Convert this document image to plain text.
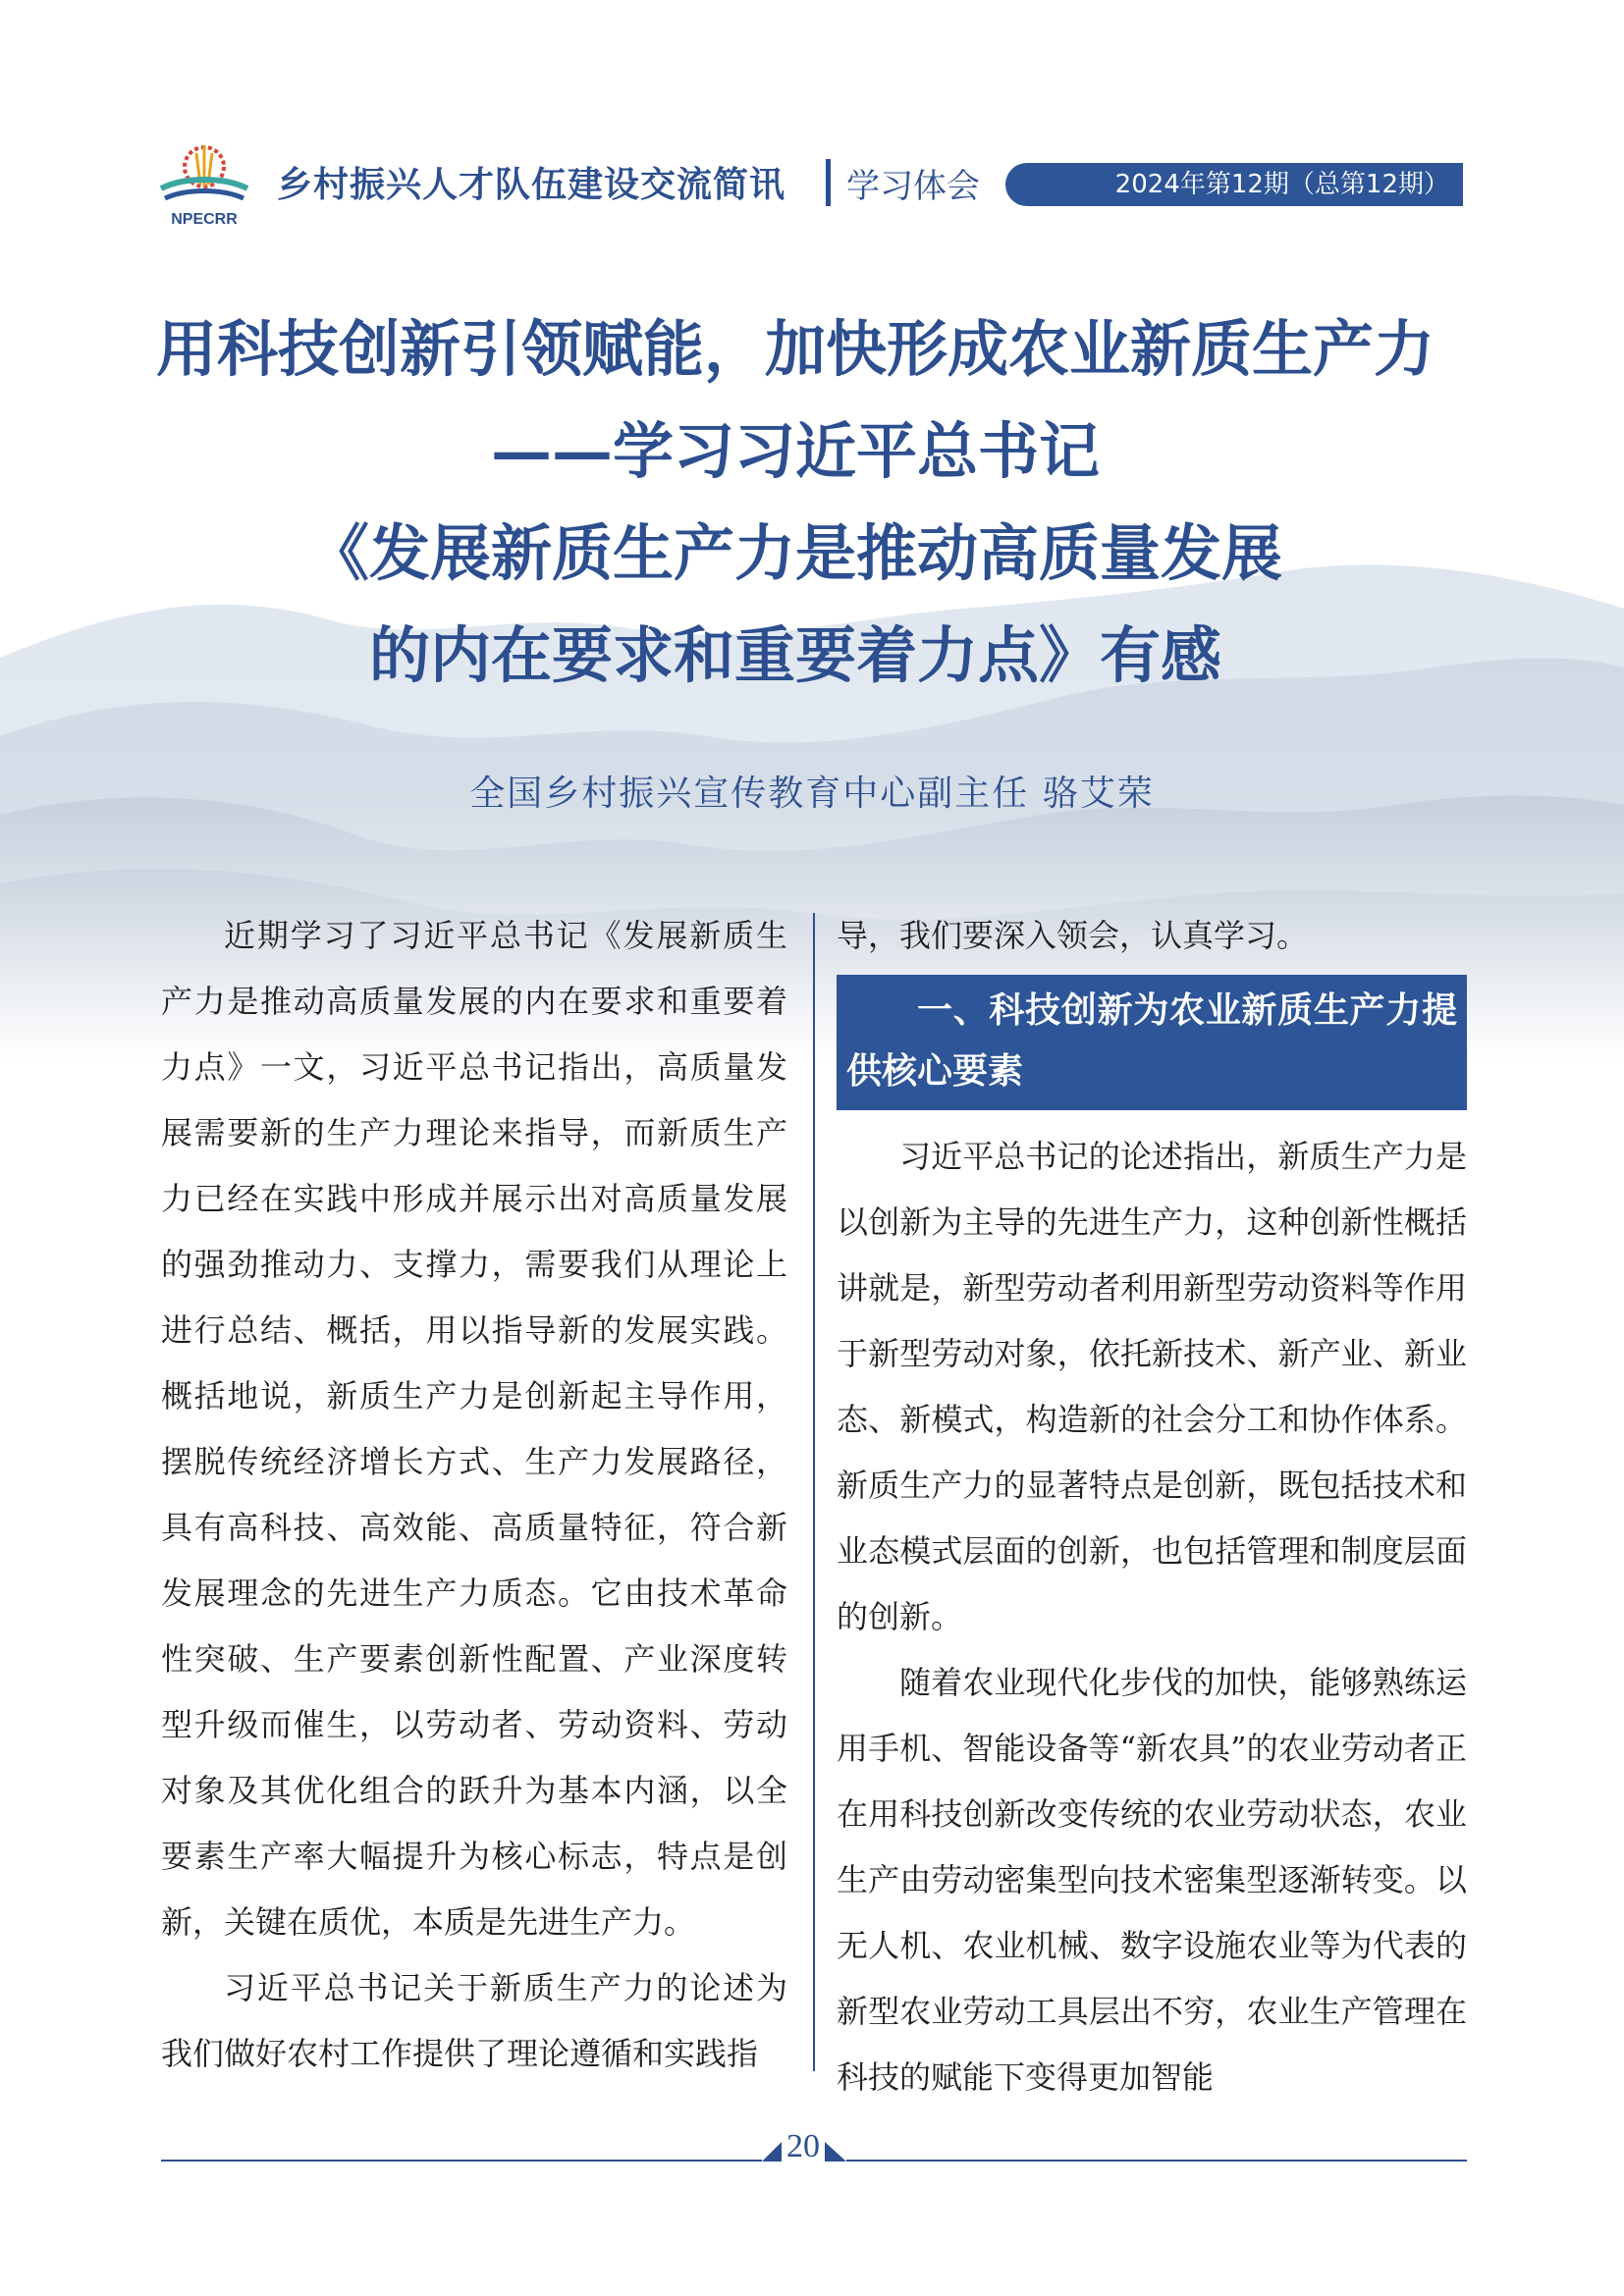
NPECRR
乡村振兴人才队伍建设交流简讯 学习体会	2024年第12期（总第12期）
用科技创新引领赋能，加快形成农业新质生产力
——学习习近平总书记
《发展新质生产力是推动高质量发展
的内在要求和重要着力点》有感
全国乡村振兴宣传教育中心副主任 骆艾荣

近期学习了习近平总书记《发展新质生产力是推动高质量发展的内在要求和重要着力点》一文，习近平总书记指出，高质量发展需要新的生产力理论来指导，而新质生产力已经在实践中形成并展示出对高质量发展的强劲推动力、支撑力，需要我们从理论上进行总结、概括，用以指导新的发展实践。概括地说，新质生产力是创新起主导作用，摆脱传统经济增长方式、生产力发展路径，具有高科技、高效能、高质量特征，符合新发展理念的先进生产力质态。它由技术革命性突破、生产要素创新性配置、产业深度转型升级而催生，以劳动者、劳动资料、劳动对象及其优化组合的跃升为基本内涵，以全要素生产率大幅提升为核心标志，特点是创新，关键在质优，本质是先进生产力。

习近平总书记关于新质生产力的论述为我们做好农村工作提供了理论遵循和实践指

导，我们要深入领会，认真学习。

一、科技创新为农业新质生产力提供核心要素

习近平总书记的论述指出，新质生产力是以创新为主导的先进生产力，这种创新性概括讲就是，新型劳动者利用新型劳动资料等作用于新型劳动对象，依托新技术、新产业、新业态、新模式，构造新的社会分工和协作体系。新质生产力的显著特点是创新，既包括技术和业态模式层面的创新，也包括管理和制度层面的创新。

随着农业现代化步伐的加快，能够熟练运用手机、智能设备等“新农具”的农业劳动者正在用科技创新改变传统的农业劳动状态，农业生产由劳动密集型向技术密集型逐渐转变。以无人机、农业机械、数字设施农业等为代表的新型农业劳动工具层出不穷，农业生产管理在科技的赋能下变得更加智能

20
